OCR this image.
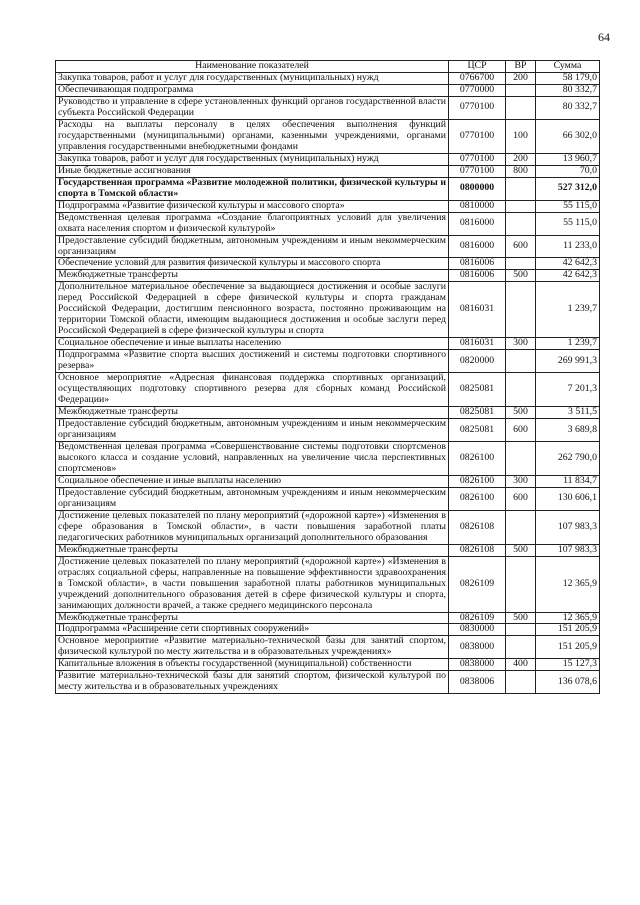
64
Наименование показателей	ЦСР	ВР	Сумма
Закупка товаров, работ и услуг для государственных (муниципальных) нужд	0766700	200	58 179,0
Обеспечивающая подпрограмма	0770000		80 332,7
Руководство и управление в сфере установленных функций органов государственной власти субъекта Российской Федерации	0770100		80 332,7
Расходы на выплаты персоналу в целях обеспечения выполнения функций государственными (муниципальными) органами, казенными учреждениями, органами управления государственными внебюджетными фондами	0770100	100	66 302,0
Закупка товаров, работ и услуг для государственных (муниципальных) нужд	0770100	200	13 960,7
Иные бюджетные ассигнования	0770100	800	70,0
Государственная программа «Развитие молодежной политики, физической культуры и спорта в Томской области»	0800000		527 312,0
Подпрограмма «Развитие физической культуры и массового спорта»	0810000		55 115,0
Ведомственная целевая программа «Создание благоприятных условий для увеличения охвата населения спортом и физической культурой»	0816000		55 115,0
Предоставление субсидий бюджетным, автономным учреждениям и иным некоммерческим организациям	0816000	600	11 233,0
Обеспечение условий для развития физической культуры и массового спорта	0816006		42 642,3
Межбюджетные трансферты	0816006	500	42 642,3
Дополнительное материальное обеспечение за выдающиеся достижения и особые заслуги перед Российской Федерацией в сфере физической культуры и спорта гражданам Российской Федерации, достигшим пенсионного возраста, постоянно проживающим на территории Томской области, имеющим выдающиеся достижения и особые заслуги перед Российской Федерацией в сфере физической культуры и спорта	0816031		1 239,7
Социальное обеспечение и иные выплаты населению	0816031	300	1 239,7
Подпрограмма «Развитие спорта высших достижений и системы подготовки спортивного резерва»	0820000		269 991,3
Основное мероприятие «Адресная финансовая поддержка спортивных организаций, осуществляющих подготовку спортивного резерва для сборных команд Российской Федерации»	0825081		7 201,3
Межбюджетные трансферты	0825081	500	3 511,5
Предоставление субсидий бюджетным, автономным учреждениям и иным некоммерческим организациям	0825081	600	3 689,8
Ведомственная целевая программа «Совершенствование системы подготовки спортсменов высокого класса и создание условий, направленных на увеличение числа перспективных спортсменов»	0826100		262 790,0
Социальное обеспечение и иные выплаты населению	0826100	300	11 834,7
Предоставление субсидий бюджетным, автономным учреждениям и иным некоммерческим организациям	0826100	600	130 606,1
Достижение целевых показателей по плану мероприятий («дорожной карте») «Изменения в сфере образования в Томской области», в части повышения заработной платы педагогических работников муниципальных организаций дополнительного образования	0826108		107 983,3
Межбюджетные трансферты	0826108	500	107 983,3
Достижение целевых показателей по плану мероприятий («дорожной карте») «Изменения в отраслях социальной сферы, направленные на повышение эффективности здравоохранения в Томской области», в части повышения заработной платы работников муниципальных учреждений дополнительного образования детей в сфере физической культуры и спорта, занимающих должности врачей, а также среднего медицинского персонала	0826109		12 365,9
Межбюджетные трансферты	0826109	500	12 365,9
Подпрограмма «Расширение сети спортивных сооружений»	0830000		151 205,9
Основное мероприятие «Развитие материально-технической базы для занятий спортом, физической культурой по месту жительства и в образовательных учреждениях»	0838000		151 205,9
Капитальные вложения в объекты государственной (муниципальной) собственности	0838000	400	15 127,3
Развитие материально-технической базы для занятий спортом, физической культурой по месту жительства и в образовательных учреждениях	0838006		136 078,6
